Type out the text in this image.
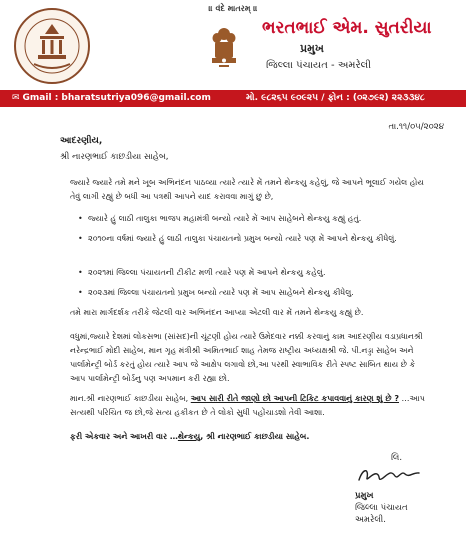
॥ વંદે માતરમ્ ॥
ભરતભાઈ એમ. સુતરીયા
પ્રમુખ
જિલ્લા પંચાયત - અમરેલી
✉ Gmail : bharatsutriya096@gmail.com	મો. ૯૮૨૬૫ ૯૦૯૨૫ / ફોન : (૦૨૭૯૨) ૨૨૩૩૪૮
તા.૧૧/૦૫/૨૦૨૪
આદરણીય,
શ્રી નારણભાઈ કાછડીયા સાહેબ,
જ્યારે જ્યારે તમે મને ખૂબ અભિનંદન પાઠવ્યા ત્યારે ત્યારે મેં તમને થેન્કયુ કહેલું, જે આપને ભૂલાઈ ગયેલ હોય તેવું લાગી રહ્યું છે બધી આ પત્રથી આપને યાદ કરાવવા માગું છું છે,
• જ્યારે હું લાઠી તાલુકા ભાજપ મહામંત્રી બન્યો ત્યારે મેં આપ સાહેબને થેન્કયુ કહ્યું હતું.
• ૨૦૧૦ના વર્ષમાં જ્યારે હું લાઠી તાલુકા પંચાયતનો પ્રમુખ બન્યો ત્યારે પણ મેં આપને થેન્કયુ કીધેલું.
• ૨૦૨૧માં જિલ્લા પંચાયતની ટીકીટ મળી ત્યારે પણ મેં આપને થેન્કયુ કહેલું.
• ૨૦૨૩માં જિલ્લા પંચાયતનો પ્રમુખ બન્યો ત્યારે પણ મેં આપ સાહેબને થેન્કયુ કીધેલુ.
તમે મારા માર્ગદર્શક તરીકે જેટલી વાર અભિનંદન આપ્યા એટલી વાર મેં તમને થેન્કયુ કહ્યું છે.
વધુમાં,જ્યારે દેશમાં લોકસભા (સાંસદ)ની ચૂંટણી હોય ત્યારે ઉમેદવાર નક્કી કરવાનું કામ આદરણીય વડાપ્રધાનશ્રી નરેન્દ્રભાઈ મોદી સાહેબ, માન ગૃહ મંત્રીશ્રી અમિતભાઈ શાહ તેમજ રાષ્ટ્રીય અધ્યક્ષશ્રી જે. પી.નડ્ડા સાહેબ અને પાર્લામેન્ટ્રી બોર્ડ કરતું હોય ત્યારે આપ જે આક્ષેપ લગાવો છો,આ પરથી સ્વાભાવિક રીતે સ્પષ્ટ સાબિત થાય છે કે આપ પાર્લામેન્ટ્રી બોર્ડનુ પણ અપમાન કરી રહ્યા છો.
માન.શ્રી નારણભાઈ કાછડીયા સાહેબ, આપ સારી રીતે જાણો છો આપની ટિકિટ કપાવવાનું કારણ શું છે ? …આપ સત્યથી પરિચિત જ છો,જે સત્ય હકીકત છે તે લોકો સુધી પહોંચાડશો તેવી આશા.
ફરી એકવાર અને આખરી વાર …થેન્કયુ, શ્રી નારણભાઈ કાછડીયા સાહેબ.
લિ.
પ્રમુખ
જિલ્લા પંચાયત
અમરેલી.
